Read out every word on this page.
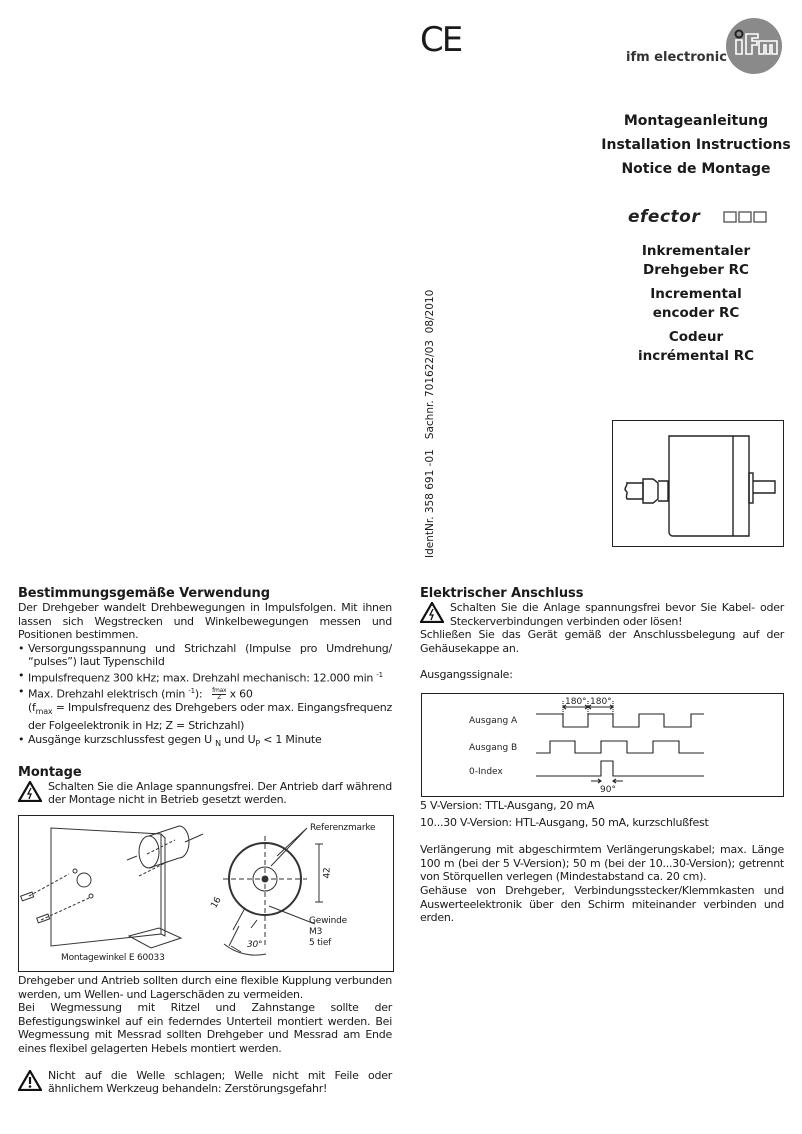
CE	ifm electronic
Montageanleitung
Installation Instructions
Notice de Montage
efector
Inkrementaler
Drehgeber RC
Incremental
encoder RC
Codeur
incrémental RC
IdentNr. 358 691 -01   Sachnr. 701622/03  08/2010
Bestimmungsgemäße Verwendung

Der Drehgeber wandelt Drehbewegungen in Impulsfolgen. Mit ihnen lassen sich Wegstrecken und Winkelbewegungen messen und Positionen bestimmen.

• Versorgungsspannung und Strichzahl (Impulse pro Umdrehung/ “pulses”) laut Typenschild
• Impulsfrequenz 300 kHz; max. Drehzahl mechanisch: 12.000 min $^{-1}$
• Max. Drehzahl elektrisch (min $^{-1}$): fmax
Z x 60
($f_{max}$ = Impulsfrequenz des Drehgebers oder max. Eingangsfrequenz der Folgeelektronik in Hz; Z = Strichzahl)
• Ausgänge kurzschlussfest gegen U $_N$ und $U_P < 1$ Minute
Montage

Schalten Sie die Anlage spannungsfrei. Der Antrieb darf während der Montage nicht in Betrieb gesetzt werden.

Montagewinkel E 60033
Referenzmarke
42
16
30°
Gewinde
M3
5 tief

Drehgeber und Antrieb sollten durch eine flexible Kupplung verbunden werden, um Wellen- und Lagerschäden zu vermeiden.

Bei Wegmessung mit Ritzel und Zahnstange sollte der Befestigungswinkel auf ein federndes Unterteil montiert werden. Bei Wegmessung mit Messrad sollten Drehgeber und Messrad am Ende eines flexibel gelagerten Hebels montiert werden.

Nicht auf die Welle schlagen; Welle nicht mit Feile oder ähnlichem Werkzeug behandeln: Zerstörungsgefahr!

Elektrischer Anschluss

Schalten Sie die Anlage spannungsfrei bevor Sie Kabel- oder Steckerverbindungen verbinden oder lösen!

Schließen Sie das Gerät gemäß der Anschlussbelegung auf der Gehäusekappe an.

Ausgangssignale:

Ausgang A
Ausgang B
0-Index
180° 180°
90°

5 V-Version: TTL-Ausgang, 20 mA

10...30 V-Version: HTL-Ausgang, 50 mA, kurzschlußfest

Verlängerung mit abgeschirmtem Verlängerungskabel; max. Länge 100 m (bei der 5 V-Version); 50 m (bei der 10...30-Version); getrennt von Störquellen verlegen (Mindestabstand ca. 20 cm).

Gehäuse von Drehgeber, Verbindungsstecker/Klemmkasten und Auswerteelektronik über den Schirm miteinander verbinden und erden.
